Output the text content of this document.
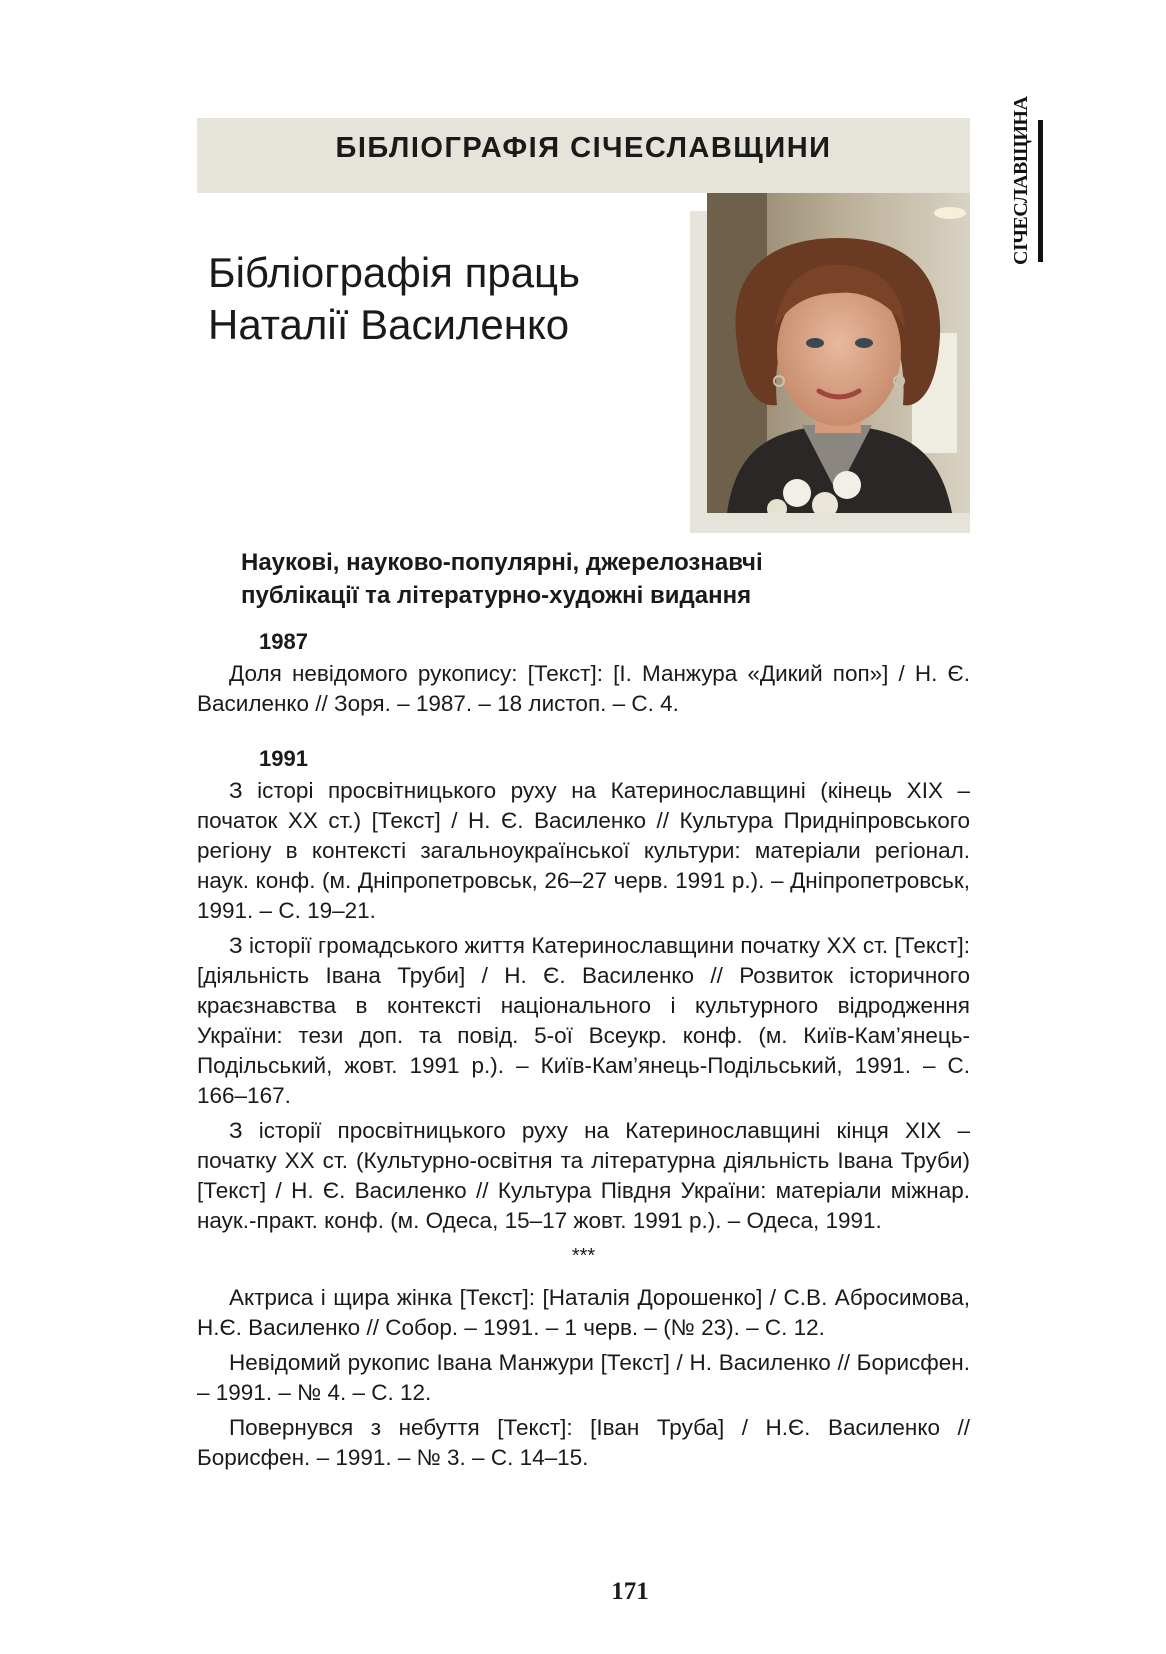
БІБЛІОГРАФІЯ СІЧЕСЛАВЩИНИ	СІЧЕСЛАВЩИНА
Бібліографія праць
Наталії Василенко
Наукові, науково-популярні, джерелознавчі
публікації та літературно-художні видання
1987

Доля невідомого рукопису: [Текст]: [І. Манжура «Дикий поп»] / Н. Є. Василенко // Зоря. – 1987. – 18 листоп. – С. 4.

1991

З історі просвітницького руху на Катеринославщині (кінець ХІХ – початок ХХ ст.) [Текст] / Н. Є. Василенко // Культура Придніпровського регіону в контексті загальноукраїнської культури: матеріали регіонал. наук. конф. (м. Дніпропетровськ, 26–27 черв. 1991 р.). – Дніпропетровськ, 1991. – С. 19–21.

З історії громадського життя Катеринославщини початку ХХ ст. [Текст]: [діяльність Івана Труби] / Н. Є. Василенко // Розвиток історичного краєзнавства в контексті національного і культурного відродження України: тези доп. та повід. 5-ої Всеукр. конф. (м. Київ-Кам’янець-Подільський, жовт. 1991 р.). – Київ-Кам’янець-Подільський, 1991. – С. 166–167.

З історії просвітницького руху на Катеринославщині кінця ХІХ – початку ХХ ст. (Культурно-освітня та літературна діяльність Івана Труби) [Текст] / Н. Є. Василенко // Культура Півдня України: матеріали міжнар. наук.-практ. конф. (м. Одеса, 15–17 жовт. 1991 р.). – Одеса, 1991.

***

Актриса і щира жінка [Текст]: [Наталія Дорошенко] / С.В. Абросимова, Н.Є. Василенко // Собор. – 1991. – 1 черв. – (№ 23). – С. 12.

Невідомий рукопис Івана Манжури [Текст] / Н. Василенко // Борисфен. – 1991. – № 4. – С. 12.

Повернувся з небуття [Текст]: [Іван Труба] / Н.Є. Василенко // Борисфен. – 1991. – № 3. – С. 14–15.

171
